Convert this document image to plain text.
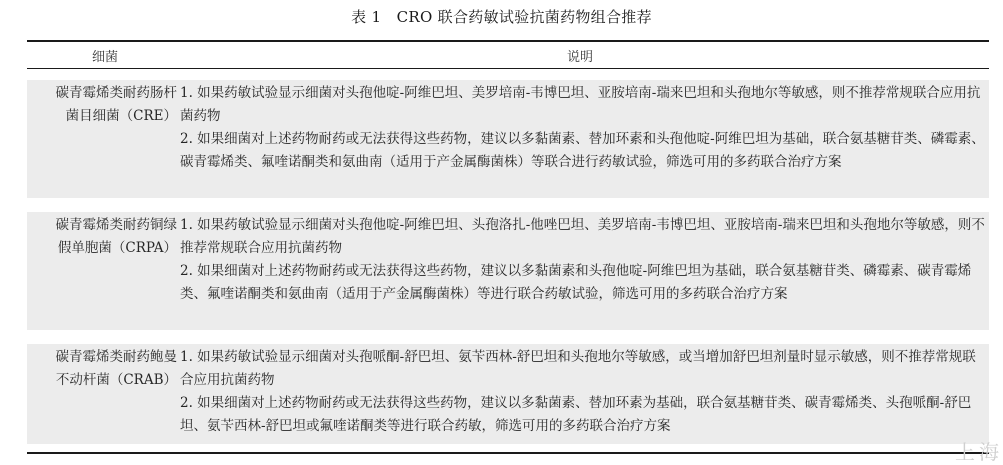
表 1　CRO 联合药敏试验抗菌药物组合推荐
细菌	说明
碳青霉烯类耐药肠杆
菌目细菌（CRE）

1. 如果药敏试验显示细菌对头孢他啶-阿维巴坦、美罗培南-韦博巴坦、亚胺培南-瑞来巴坦和头孢地尔等敏感，则不推荐常规联合应用抗菌药物

2. 如果细菌对上述药物耐药或无法获得这些药物，建议以多黏菌素、替加环素和头孢他啶-阿维巴坦为基础，联合氨基糖苷类、磷霉素、碳青霉烯类、氟喹诺酮类和氨曲南（适用于产金属酶菌株）等联合进行药敏试验，筛选可用的多药联合治疗方案

碳青霉烯类耐药铜绿
假单胞菌（CRPA）

1. 如果药敏试验显示细菌对头孢他啶-阿维巴坦、头孢洛扎-他唑巴坦、美罗培南-韦博巴坦、亚胺培南-瑞来巴坦和头孢地尔等敏感，则不推荐常规联合应用抗菌药物

2. 如果细菌对上述药物耐药或无法获得这些药物，建议以多黏菌素和头孢他啶-阿维巴坦为基础，联合氨基糖苷类、磷霉素、碳青霉烯类、氟喹诺酮类和氨曲南（适用于产金属酶菌株）等进行联合药敏试验，筛选可用的多药联合治疗方案

碳青霉烯类耐药鲍曼
不动杆菌（CRAB）

1. 如果药敏试验显示细菌对头孢哌酮-舒巴坦、氨苄西林-舒巴坦和头孢地尔等敏感，或当增加舒巴坦剂量时显示敏感，则不推荐常规联合应用抗菌药物

2. 如果细菌对上述药物耐药或无法获得这些药物，建议以多黏菌素、替加环素为基础，联合氨基糖苷类、碳青霉烯类、头孢哌酮-舒巴坦、氨苄西林-舒巴坦或氟喹诺酮类等进行联合药敏，筛选可用的多药联合治疗方案

上海
